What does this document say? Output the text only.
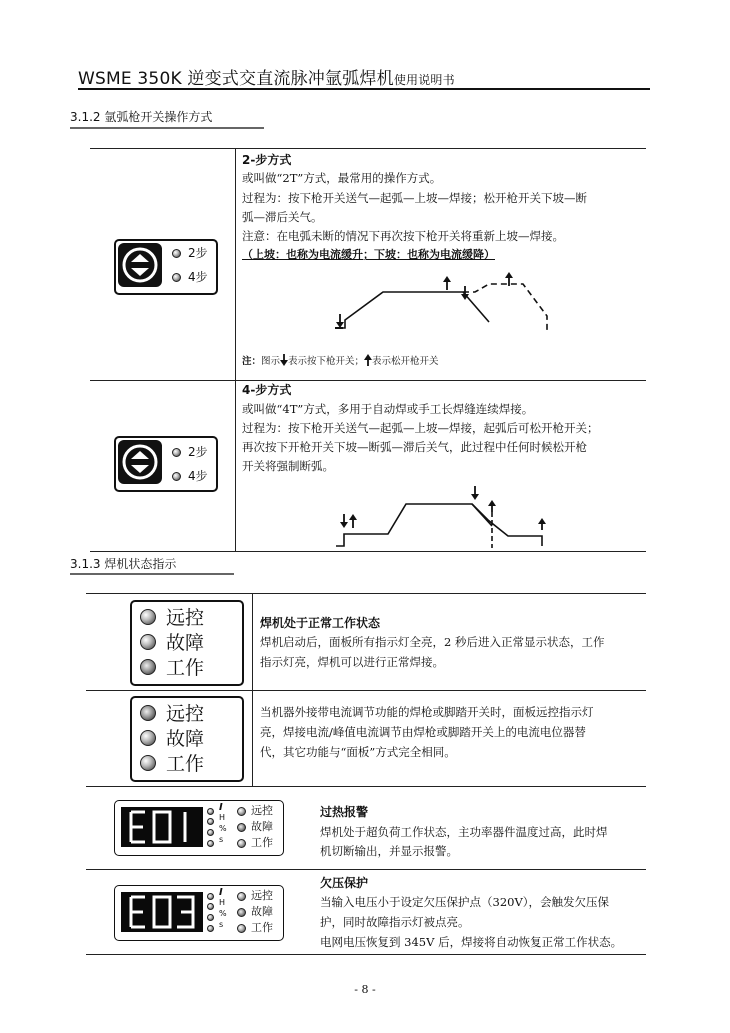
WSME 350K 逆变式交直流脉冲氩弧焊机使用说明书
3.1.2 氩弧枪开关操作方式
2步
4步
2-步方式
或叫做“2T”方式，最常用的操作方式。
过程为：按下枪开关送气—起弧—上坡—焊接；松开枪开关下坡—断
弧—滞后关气。
注意：在电弧未断的情况下再次按下枪开关将重新上坡—焊接。
（上坡：也称为电流缓升；下坡：也称为电流缓降）
注：图示 表示按下枪开关； 表示松开枪开关
2步
4步
4-步方式
或叫做“4T”方式，多用于自动焊或手工长焊缝连续焊接。
过程为：按下枪开关送气—起弧—上坡—焊接，起弧后可松开枪开关；
再次按下开枪开关下坡—断弧—滞后关气，此过程中任何时候松开枪
开关将强制断弧。
3.1.3 焊机状态指示
远控
故障
工作
焊机处于正常工作状态
焊机启动后，面板所有指示灯全亮，2 秒后进入正常显示状态，工作
指示灯亮，焊机可以进行正常焊接。
远控
故障
工作
当机器外接带电流调节功能的焊枪或脚踏开关时，面板远控指示灯
亮，焊接电流/峰值电流调节由焊枪或脚踏开关上的电流电位器替
代，其它功能与“面板”方式完全相同。
I
H
%
s
远控
故障
工作
过热报警
焊机处于超负荷工作状态，主功率器件温度过高，此时焊
机切断输出，并显示报警。
I
H
%
s
远控
故障
工作
欠压保护
当输入电压小于设定欠压保护点（320V），会触发欠压保
护，同时故障指示灯被点亮。
电网电压恢复到 345V 后，焊接将自动恢复正常工作状态。
- 8 -
